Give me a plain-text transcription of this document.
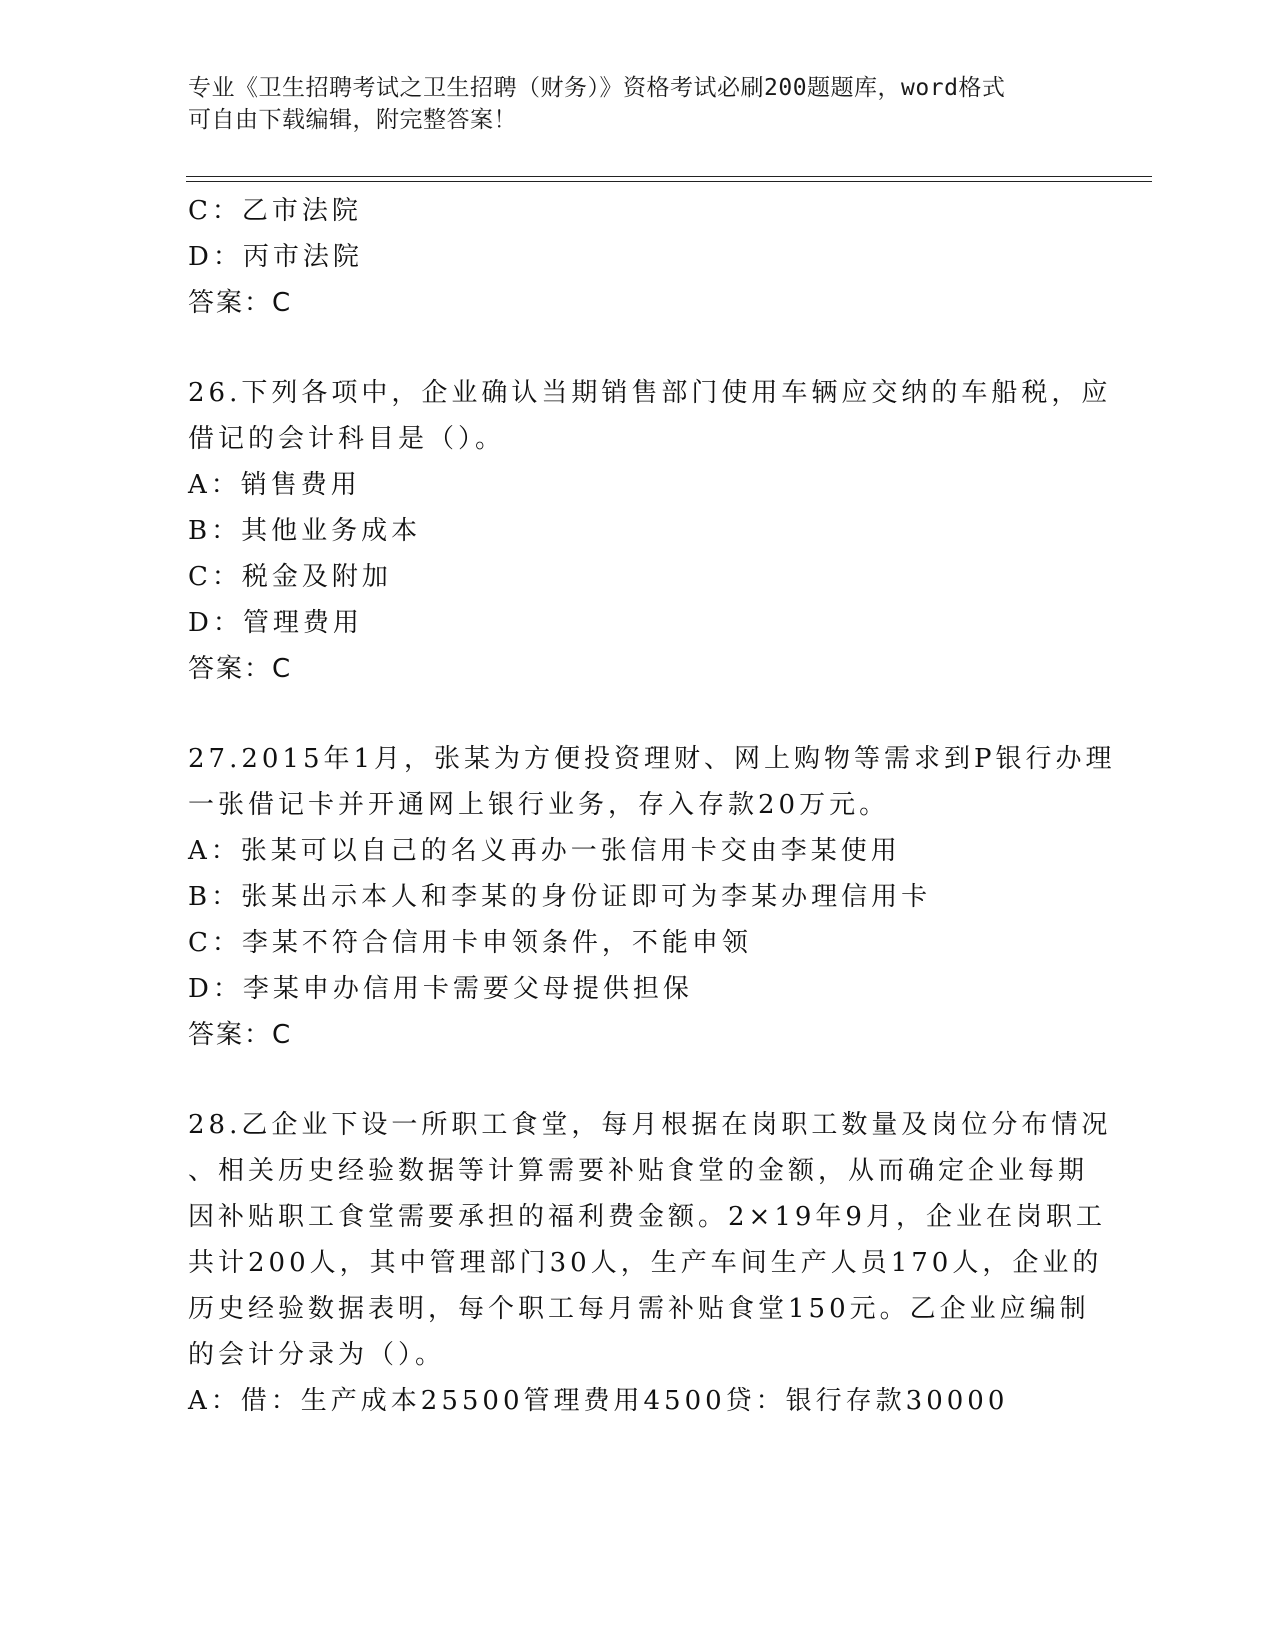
专业《卫生招聘考试之卫生招聘（财务）》资格考试必刷200题题库，word格式
可自由下载编辑，附完整答案！
C：乙市法院
D：丙市法院
答案：C
26.下列各项中，企业确认当期销售部门使用车辆应交纳的车船税，应
借记的会计科目是（）。
A：销售费用
B：其他业务成本
C：税金及附加
D：管理费用
答案：C
27.2015年1月，张某为方便投资理财、网上购物等需求到P银行办理
一张借记卡并开通网上银行业务，存入存款20万元。
A：张某可以自己的名义再办一张信用卡交由李某使用
B：张某出示本人和李某的身份证即可为李某办理信用卡
C：李某不符合信用卡申领条件，不能申领
D：李某申办信用卡需要父母提供担保
答案：C
28.乙企业下设一所职工食堂，每月根据在岗职工数量及岗位分布情况
、相关历史经验数据等计算需要补贴食堂的金额，从而确定企业每期
因补贴职工食堂需要承担的福利费金额。2×19年9月，企业在岗职工
共计200人，其中管理部门30人，生产车间生产人员170人，企业的
历史经验数据表明，每个职工每月需补贴食堂150元。乙企业应编制
的会计分录为（）。
A：借：生产成本25500管理费用4500贷：银行存款30000
